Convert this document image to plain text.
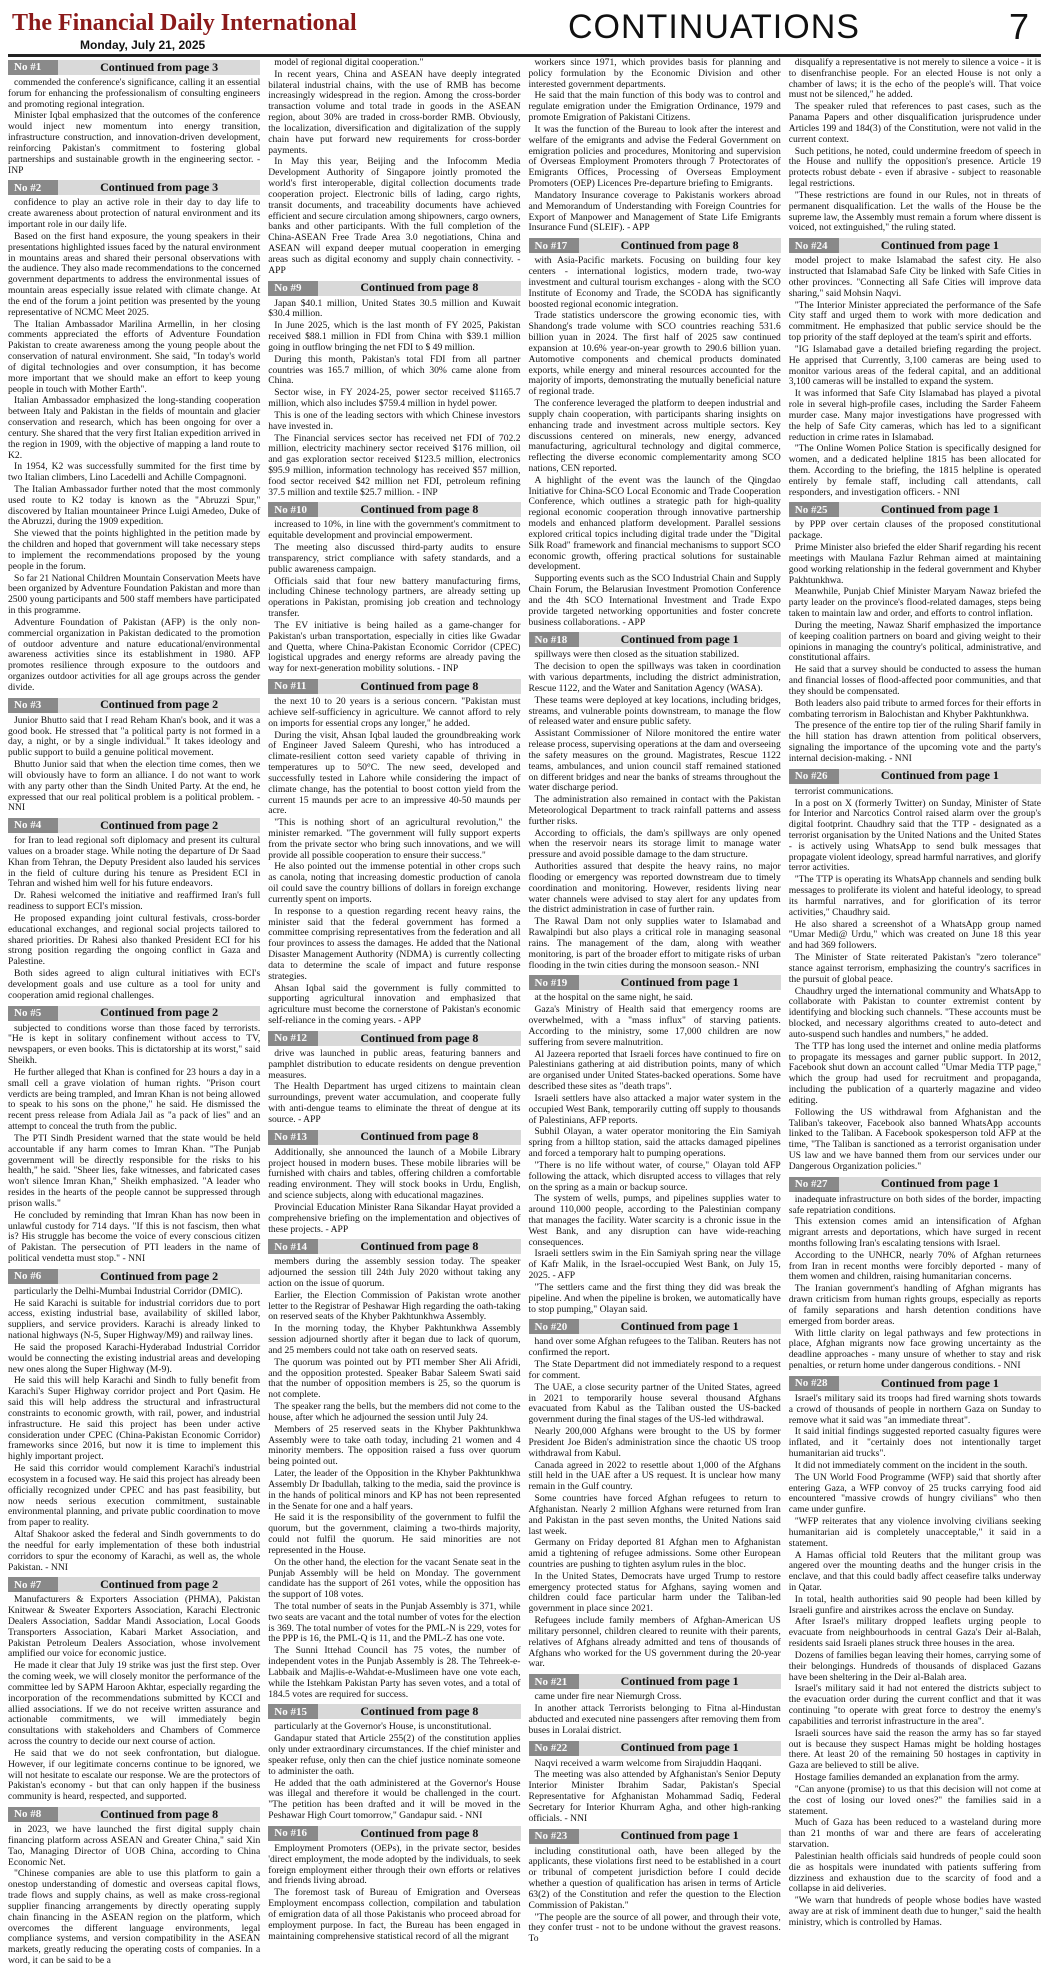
The Financial Daily International
Monday, July 21, 2025	CONTINUATIONS	7
No #1	Continued from page 3

commended the conference's significance, calling it an essential forum for enhancing the professionalism of consulting engineers and promoting regional integration.

Minister Iqbal emphasized that the outcomes of the conference would inject new momentum into energy transition, infrastructure construction, and innovation-driven development, reinforcing Pakistan's commitment to fostering global partnerships and sustainable growth in the engineering sector. - INP

No #2	Continued from page 3

confidence to play an active role in their day to day life to create awareness about protection of natural environment and its important role in our daily life.

Based on the first hand exposure, the young speakers in their presentations highlighted issues faced by the natural environment in mountains areas and shared their personal observations with the audience. They also made recommendations to the concerned government departments to address the environmental issues of mountain areas especially issue related with climate change. At the end of the forum a joint petition was presented by the young representative of NCMC Meet 2025.

The Italian Ambassador Marilina Armellin, in her closing comments appreciated the efforts of Adventure Foundation Pakistan to create awareness among the young people about the conservation of natural environment. She said, "In today's world of digital technologies and over consumption, it has become more important that we should make an effort to keep young people in touch with Mother Earth".

Italian Ambassador emphasized the long-standing cooperation between Italy and Pakistan in the fields of mountain and glacier conservation and research, which has been ongoing for over a century. She shared that the very first Italian expedition arrived in the region in 1909, with the objective of mapping a land route to K2.

In 1954, K2 was successfully summited for the first time by two Italian climbers, Lino Lacedelli and Achille Compagnoni.

The Italian Ambassador further noted that the most commonly used route to K2 today is known as the "Abruzzi Spur," discovered by Italian mountaineer Prince Luigi Amedeo, Duke of the Abruzzi, during the 1909 expedition.

She viewed that the points highlighted in the petition made by the children and hoped that government will take necessary steps to implement the recommendations proposed by the young people in the forum.

So far 21 National Children Mountain Conservation Meets have been organized by Adventure Foundation Pakistan and more than 2500 young participants and 500 staff members have participated in this programme.

Adventure Foundation of Pakistan (AFP) is the only non-commercial organization in Pakistan dedicated to the promotion of outdoor adventure and nature educational/environmental awareness activities since its establishment in 1980. AFP promotes resilience through exposure to the outdoors and organizes outdoor activities for all age groups across the gender divide.

No #3	Continued from page 2

Junior Bhutto said that I read Reham Khan's book, and it was a good book. He stressed that "a political party is not formed in a day, a night, or by a single individual." It takes ideology and public support to build a genuine political movement.

Bhutto Junior said that when the election time comes, then we will obviously have to form an alliance. I do not want to work with any party other than the Sindh United Party. At the end, he expressed that our real political problem is a political problem. - NNI

No #4	Continued from page 2

for Iran to lead regional soft diplomacy and present its cultural values on a broader stage. While noting the departure of Dr Saad Khan from Tehran, the Deputy President also lauded his services in the field of culture during his tenure as President ECI in Tehran and wished him well for his future endeavors.

Dr. Rahesi welcomed the initiative and reaffirmed Iran's full readiness to support ECI's mission.

He proposed expanding joint cultural festivals, cross-border educational exchanges, and regional social projects tailored to shared priorities. Dr Rahesi also thanked President ECI for his strong position regarding the ongoing conflict in Gaza and Palestine.

Both sides agreed to align cultural initiatives with ECI's development goals and use culture as a tool for unity and cooperation amid regional challenges.

No #5	Continued from page 2

subjected to conditions worse than those faced by terrorists. "He is kept in solitary confinement without access to TV, newspapers, or even books. This is dictatorship at its worst," said Sheikh.

He further alleged that Khan is confined for 23 hours a day in a small cell a grave violation of human rights. "Prison court verdicts are being trampled, and Imran Khan is not being allowed to speak to his sons on the phone," he said. He dismissed the recent press release from Adiala Jail as "a pack of lies" and an attempt to conceal the truth from the public.

The PTI Sindh President warned that the state would be held accountable if any harm comes to Imran Khan. "The Punjab government will be directly responsible for the risks to his health," he said. "Sheer lies, fake witnesses, and fabricated cases won't silence Imran Khan," Sheikh emphasized. "A leader who resides in the hearts of the people cannot be suppressed through prison walls."

He concluded by reminding that Imran Khan has now been in unlawful custody for 714 days. "If this is not fascism, then what is? His struggle has become the voice of every conscious citizen of Pakistan. The persecution of PTI leaders in the name of political vendetta must stop." - NNI

No #6	Continued from page 2

particularly the Delhi-Mumbai Industrial Corridor (DMIC).

He said Karachi is suitable for industrial corridors due to port access, existing industrial base, availability of skilled labor, suppliers, and service providers. Karachi is already linked to national highways (N-5, Super Highway/M9) and railway lines.

He said the proposed Karachi-Hyderabad Industrial Corridor would be connecting the existing industrial areas and developing new ones along the Super Highway (M-9).

He said this will help Karachi and Sindh to fully benefit from Karachi's Super Highway corridor project and Port Qasim. He said this will help address the structural and infrastructural constraints to economic growth, with rail, power, and industrial infrastructure. He said this project has been under active consideration under CPEC (China-Pakistan Economic Corridor) frameworks since 2016, but now it is time to implement this highly important project.

He said this corridor would complement Karachi's industrial ecosystem in a focused way. He said this project has already been officially recognized under CPEC and has past feasibility, but now needs serious execution commitment, sustainable environmental planning, and private public coordination to move from paper to reality.

Altaf Shakoor asked the federal and Sindh governments to do the needful for early implementation of these both industrial corridors to spur the economy of Karachi, as well as, the whole Pakistan. - NNI

No #7	Continued from page 2

Manufacturers & Exporters Association (PHMA), Pakistan Knitwear & Sweater Exporters Association, Karachi Electronic Dealers Association, Saddar Mandi Association, Local Goods Transporters Association, Kabari Market Association, and Pakistan Petroleum Dealers Association, whose involvement amplified our voice for economic justice.

He made it clear that July 19 strike was just the first step. Over the coming week, we will closely monitor the performance of the committee led by SAPM Haroon Akhtar, especially regarding the incorporation of the recommendations submitted by KCCI and allied associations. If we do not receive written assurance and actionable commitments, we will immediately begin consultations with stakeholders and Chambers of Commerce across the country to decide our next course of action.

He said that we do not seek confrontation, but dialogue. However, if our legitimate concerns continue to be ignored, we will not hesitate to escalate our response. We are the protectors of Pakistan's economy - but that can only happen if the business community is heard, respected, and supported.

No #8	Continued from page 8

in 2023, we have launched the first digital supply chain financing platform across ASEAN and Greater China," said Xin Tao, Managing Director of UOB China, according to China Economic Net.

"Chinese companies are able to use this platform to gain a onestop understanding of domestic and overseas capital flows, trade flows and supply chains, as well as make cross-regional supplier financing arrangements by directly operating supply chain financing in the ASEAN region on the platform, which overcomes the different language environments, legal compliance systems, and version compatibility in the ASEAN markets, greatly reducing the operating costs of companies. In a word, it can be said to be a

model of regional digital cooperation."

In recent years, China and ASEAN have deeply integrated bilateral industrial chains, with the use of RMB has become increasingly widespread in the region. Among the cross-border transaction volume and total trade in goods in the ASEAN region, about 30% are traded in cross-border RMB. Obviously, the localization, diversification and digitalization of the supply chain have put forward new requirements for cross-border payments.

In May this year, Beijing and the Infocomm Media Development Authority of Singapore jointly promoted the world's first interoperable, digital collection documents trade cooperation project. Electronic bills of lading, cargo rights, transit documents, and traceability documents have achieved efficient and secure circulation among shipowners, cargo owners, banks and other participants. With the full completion of the China-ASEAN Free Trade Area 3.0 negotiations, China and ASEAN will expand deeper mutual cooperation in emerging areas such as digital economy and supply chain connectivity. - APP

No #9	Continued from page 8

Japan $40.1 million, United States 30.5 million and Kuwait $30.4 million.

In June 2025, which is the last month of FY 2025, Pakistan received $88.1 million in FDI from China with $39.1 million going in outflow bringing the net FDI to $ 49 million.

During this month, Pakistan's total FDI from all partner countries was 165.7 million, of which 30% came alone from China.

Sector wise, in FY 2024-25, power sector received $1165.7 million, which also includes $759.4 million in hydel power.

This is one of the leading sectors with which Chinese investors have invested in.

The Financial services sector has received net FDI of 702.2 million, electricity machinery sector received $176 million, oil and gas exploration sector received $123.5 million, electronics $95.9 million, information technology has received $57 million, food sector received $42 million net FDI, petroleum refining 37.5 million and textile $25.7 million. - INP

No #10	Continued from page 8

increased to 10%, in line with the government's commitment to equitable development and provincial empowerment.

The meeting also discussed third-party audits to ensure transparency, strict compliance with safety standards, and a public awareness campaign.

Officials said that four new battery manufacturing firms, including Chinese technology partners, are already setting up operations in Pakistan, promising job creation and technology transfer.

The EV initiative is being hailed as a game-changer for Pakistan's urban transportation, especially in cities like Gwadar and Quetta, where China-Pakistan Economic Corridor (CPEC) logistical upgrades and energy reforms are already paving the way for next-generation mobility solutions. - INP

No #11	Continued from page 8

the next 10 to 20 years is a serious concern. "Pakistan must achieve self-sufficiency in agriculture. We cannot afford to rely on imports for essential crops any longer," he added.

During the visit, Ahsan Iqbal lauded the groundbreaking work of Engineer Javed Saleem Qureshi, who has introduced a climate-resilient cotton seed variety capable of thriving in temperatures up to 50°C. The new seed, developed and successfully tested in Lahore while considering the impact of climate change, has the potential to boost cotton yield from the current 15 maunds per acre to an impressive 40-50 maunds per acre.

"This is nothing short of an agricultural revolution," the minister remarked. "The government will fully support experts from the private sector who bring such innovations, and we will provide all possible cooperation to ensure their success."

He also pointed out the immense potential in other crops such as canola, noting that increasing domestic production of canola oil could save the country billions of dollars in foreign exchange currently spent on imports.

In response to a question regarding recent heavy rains, the minister said that the federal government has formed a committee comprising representatives from the federation and all four provinces to assess the damages. He added that the National Disaster Management Authority (NDMA) is currently collecting data to determine the scale of impact and future response strategies.

Ahsan Iqbal said the government is fully committed to supporting agricultural innovation and emphasized that agriculture must become the cornerstone of Pakistan's economic self-reliance in the coming years. - APP

No #12	Continued from page 8

drive was launched in public areas, featuring banners and pamphlet distribution to educate residents on dengue prevention measures.

The Health Department has urged citizens to maintain clean surroundings, prevent water accumulation, and cooperate fully with anti-dengue teams to eliminate the threat of dengue at its source. - APP

No #13	Continued from page 8

Additionally, she announced the launch of a Mobile Library project housed in modern buses. These mobile libraries will be furnished with chairs and tables, offering children a comfortable reading environment. They will stock books in Urdu, English, and science subjects, along with educational magazines.

Provincial Education Minister Rana Sikandar Hayat provided a comprehensive briefing on the implementation and objectives of these projects. - APP

No #14	Continued from page 8

members during the assembly session today. The speaker adjourned the session till 24th July 2020 without taking any action on the issue of quorum.

Earlier, the Election Commission of Pakistan wrote another letter to the Registrar of Peshawar High regarding the oath-taking on reserved seats of the Khyber Pakhtunkhwa Assembly.

In the morning today, the Khyber Pakhtunkhwa Assembly session adjourned shortly after it began due to lack of quorum, and 25 members could not take oath on reserved seats.

The quorum was pointed out by PTI member Sher Ali Afridi, and the opposition protested. Speaker Babar Saleem Swati said that the number of opposition members is 25, so the quorum is not complete.

The speaker rang the bells, but the members did not come to the house, after which he adjourned the session until July 24.

Members of 25 reserved seats in the Khyber Pakhtunkhwa Assembly were to take oath today, including 21 women and 4 minority members. The opposition raised a fuss over quorum being pointed out.

Later, the leader of the Opposition in the Khyber Pakhtunkhwa Assembly Dr Ibadullah, talking to the media, said the province is in the hands of political minors and KP has not been represented in the Senate for one and a half years.

He said it is the responsibility of the government to fulfil the quorum, but the government, claiming a two-thirds majority, could not fulfil the quorum. He said minorities are not represented in the House.

On the other hand, the election for the vacant Senate seat in the Punjab Assembly will be held on Monday. The government candidate has the support of 261 votes, while the opposition has the support of 108 votes.

The total number of seats in the Punjab Assembly is 371, while two seats are vacant and the total number of votes for the election is 369. The total number of votes for the PML-N is 229, votes for the PPP is 16, the PML-Q is 11, and the PML-Z has one vote.

The Sunni Ittehad Council has 75 votes, the number of independent votes in the Punjab Assembly is 28. The Tehreek-e-Labbaik and Majlis-e-Wahdat-e-Muslimeen have one vote each, while the Istehkam Pakistan Party has seven votes, and a total of 184.5 votes are required for success.

No #15	Continued from page 8

particularly at the Governor's House, is unconstitutional.

Gandapur stated that Article 255(2) of the constitution applies only under extraordinary circumstances. If the chief minister and speaker refuse, only then can the chief justice nominate someone to administer the oath.

He added that the oath administered at the Governor's House was illegal and therefore it would be challenged in the court. "The petition has been drafted and it will be moved in the Peshawar High Court tomorrow," Gandapur said. - NNI

No #16	Continued from page 8

Employment Promoters (OEPs), in the private sector, besides 'direct employment, the mode adopted by the individuals, to seek foreign employment either through their own efforts or relatives and friends living abroad.

The foremost task of Bureau of Emigration and Overseas Employment encompass collection, compilation and tabulation of emigration data of all those Pakistanis who proceed abroad for employment purpose. In fact, the Bureau has been engaged in maintaining comprehensive statistical record of all the migrant

workers since 1971, which provides basis for planning and policy formulation by the Economic Division and other interested government departments.

He said that the main function of this body was to control and regulate emigration under the Emigration Ordinance, 1979 and promote Emigration of Pakistani Citizens.

It was the function of the Bureau to look after the interest and welfare of the emigrants and advise the Federal Government on emigration policies and procedures, Monitoring and supervision of Overseas Employment Promoters through 7 Protectorates of Emigrants Offices, Processing of Overseas Employment Promoters (OEP) Licences Pre-departure briefing to Emigrants.

Mandatory Insurance coverage to Pakistanis workers abroad and Memorandum of Understanding with Foreign Countries for Export of Manpower and Management of State Life Emigrants Insurance Fund (SLEIF). - APP

No #17	Continued from page 8

with Asia-Pacific markets. Focusing on building four key centers - international logistics, modern trade, two-way investment and cultural tourism exchanges - along with the SCO Institute of Economy and Trade, the SCODA has significantly boosted regional economic integration.

Trade statistics underscore the growing economic ties, with Shandong's trade volume with SCO countries reaching 531.6 billion yuan in 2024. The first half of 2025 saw continued expansion at 10.6% year-on-year growth to 290.6 billion yuan. Automotive components and chemical products dominated exports, while energy and mineral resources accounted for the majority of imports, demonstrating the mutually beneficial nature of regional trade.

The conference leveraged the platform to deepen industrial and supply chain cooperation, with participants sharing insights on enhancing trade and investment across multiple sectors. Key discussions centered on minerals, new energy, advanced manufacturing, agricultural technology and digital commerce, reflecting the diverse economic complementarity among SCO nations, CEN reported.

A highlight of the event was the launch of the Qingdao Initiative for China-SCO Local Economic and Trade Cooperation Conference, which outlines a strategic path for high-quality regional economic cooperation through innovative partnership models and enhanced platform development. Parallel sessions explored critical topics including digital trade under the "Digital Silk Road" framework and financial mechanisms to support SCO economic growth, offering practical solutions for sustainable development.

Supporting events such as the SCO Industrial Chain and Supply Chain Forum, the Belarusian Investment Promotion Conference and the 4th SCO International Investment and Trade Expo provide targeted networking opportunities and foster concrete business collaborations. - APP

No #18	Continued from page 1

spillways were then closed as the situation stabilized.

The decision to open the spillways was taken in coordination with various departments, including the district administration, Rescue 1122, and the Water and Sanitation Agency (WASA).

These teams were deployed at key locations, including bridges, streams, and vulnerable points downstream, to manage the flow of released water and ensure public safety.

Assistant Commissioner of Nilore monitored the entire water release process, supervising operations at the dam and overseeing the safety measures on the ground. Magistrates, Rescue 1122 teams, ambulances, and union council staff remained stationed on different bridges and near the banks of streams throughout the water discharge period.

The administration also remained in contact with the Pakistan Meteorological Department to track rainfall patterns and assess further risks.

According to officials, the dam's spillways are only opened when the reservoir nears its storage limit to manage water pressure and avoid possible damage to the dam structure.

Authorities assured that despite the heavy rains, no major flooding or emergency was reported downstream due to timely coordination and monitoring. However, residents living near water channels were advised to stay alert for any updates from the district administration in case of further rain.

The Rawal Dam not only supplies water to Islamabad and Rawalpindi but also plays a critical role in managing seasonal rains. The management of the dam, along with weather monitoring, is part of the broader effort to mitigate risks of urban flooding in the twin cities during the monsoon season.- NNI

No #19	Continued from page 1

at the hospital on the same night, he said.

Gaza's Ministry of Health said that emergency rooms are overwhelmed, with a "mass influx" of starving patients. According to the ministry, some 17,000 children are now suffering from severe malnutrition.

Al Jazeera reported that Israeli forces have continued to fire on Palestinians gathering at aid distribution points, many of which are organised under United States-backed operations. Some have described these sites as "death traps".

Israeli settlers have also attacked a major water system in the occupied West Bank, temporarily cutting off supply to thousands of Palestinians, AFP reports.

Subhil Olayan, a water operator monitoring the Ein Samiyah spring from a hilltop station, said the attacks damaged pipelines and forced a temporary halt to pumping operations.

"There is no life without water, of course," Olayan told AFP following the attack, which disrupted access to villages that rely on the spring as a main or backup source.

The system of wells, pumps, and pipelines supplies water to around 110,000 people, according to the Palestinian company that manages the facility. Water scarcity is a chronic issue in the West Bank, and any disruption can have wide-reaching consequences.

Israeli settlers swim in the Ein Samiyah spring near the village of Kafr Malik, in the Israel-occupied West Bank, on July 15, 2025. - AFP

"The settlers came and the first thing they did was break the pipeline. And when the pipeline is broken, we automatically have to stop pumping," Olayan said.

No #20	Continued from page 1

hand over some Afghan refugees to the Taliban. Reuters has not confirmed the report.

The State Department did not immediately respond to a request for comment.

The UAE, a close security partner of the United States, agreed in 2021 to temporarily house several thousand Afghans evacuated from Kabul as the Taliban ousted the US-backed government during the final stages of the US-led withdrawal.

Nearly 200,000 Afghans were brought to the US by former President Joe Biden's administration since the chaotic US troop withdrawal from Kabul.

Canada agreed in 2022 to resettle about 1,000 of the Afghans still held in the UAE after a US request. It is unclear how many remain in the Gulf country.

Some countries have forced Afghan refugees to return to Afghanistan. Nearly 2 million Afghans were returned from Iran and Pakistan in the past seven months, the United Nations said last week.

Germany on Friday deported 81 Afghan men to Afghanistan amid a tightening of refugee admissions. Some other European countries are pushing to tighten asylum rules in the bloc.

In the United States, Democrats have urged Trump to restore emergency protected status for Afghans, saying women and children could face particular harm under the Taliban-led government in place since 2021.

Refugees include family members of Afghan-American US military personnel, children cleared to reunite with their parents, relatives of Afghans already admitted and tens of thousands of Afghans who worked for the US government during the 20-year war.

No #21	Continued from page 1

came under fire near Niemurgh Cross.

In another attack Terrorists belonging to Fitna al-Hindustan abducted and executed nine passengers after removing them from buses in Loralai district.

No #22	Continued from page 1

Naqvi received a warm welcome from Sirajuddin Haqqani.

The meeting was also attended by Afghanistan's Senior Deputy Interior Minister Ibrahim Sadar, Pakistan's Special Representative for Afghanistan Mohammad Sadiq, Federal Secretary for Interior Khurram Agha, and other high-ranking officials. - NNI

No #23	Continued from page 1

including constitutional oath, have been alleged by the applicants, these violations first need to be established in a court or tribunal of competent jurisdiction before I could decide whether a question of qualification has arisen in terms of Article 63(2) of the Constitution and refer the question to the Election Commission of Pakistan."

"The people are the source of all power, and through their vote, they confer trust - not to be undone without the gravest reasons. To

disqualify a representative is not merely to silence a voice - it is to disenfranchise people. For an elected House is not only a chamber of laws; it is the echo of the people's will. That voice must not be silenced," he added.

The speaker ruled that references to past cases, such as the Panama Papers and other disqualification jurisprudence under Articles 199 and 184(3) of the Constitution, were not valid in the current context.

Such petitions, he noted, could undermine freedom of speech in the House and nullify the opposition's presence. Article 19 protects robust debate - even if abrasive - subject to reasonable legal restrictions.

"These restrictions are found in our Rules, not in threats of permanent disqualification. Let the walls of the House be the supreme law, the Assembly must remain a forum where dissent is voiced, not extinguished," the ruling stated.

No #24	Continued from page 1

model project to make Islamabad the safest city. He also instructed that Islamabad Safe City be linked with Safe Cities in other provinces. "Connecting all Safe Cities will improve data sharing," said Mohsin Naqvi.

"The Interior Minister appreciated the performance of the Safe City staff and urged them to work with more dedication and commitment. He emphasized that public service should be the top priority of the staff deployed at the team's spirit and efforts.

"IG Islamabad gave a detailed briefing regarding the project. He apprised that Currently, 3,100 cameras are being used to monitor various areas of the federal capital, and an additional 3,100 cameras will be installed to expand the system.

It was informed that Safe City Islamabad has played a pivotal role in several high-profile cases, including the Sarder Faheem murder case. Many major investigations have progressed with the help of Safe City cameras, which has led to a significant reduction in crime rates in Islamabad.

"The Online Women Police Station is specifically designed for women, and a dedicated helpline 1815 has been allocated for them. According to the briefing, the 1815 helpline is operated entirely by female staff, including call attendants, call responders, and investigation officers. - NNI

No #25	Continued from page 1

by PPP over certain clauses of the proposed constitutional package.

Prime Minister also briefed the elder Sharif regarding his recent meetings with Maulana Fazlur Rehman aimed at maintaining good working relationship in the federal government and Khyber Pakhtunkhwa.

Meanwhile, Punjab Chief Minister Maryam Nawaz briefed the party leader on the province's flood-related damages, steps being taken to maintain law and order, and efforts to control inflation.

During the meeting, Nawaz Sharif emphasized the importance of keeping coalition partners on board and giving weight to their opinions in managing the country's political, administrative, and constitutional affairs.

He said that a survey should be conducted to assess the human and financial losses of flood-affected poor communities, and that they should be compensated.

Both leaders also paid tribute to armed forces for their efforts in combating terrorism in Balochistan and Khyber Pakhtunkhwa.

The presence of the entire top tier of the ruling Sharif family in the hill station has drawn attention from political observers, signaling the importance of the upcoming vote and the party's internal decision-making. - NNI

No #26	Continued from page 1

terrorist communications.

In a post on X (formerly Twitter) on Sunday, Minister of State for Interior and Narcotics Control raised alarm over the group's digital footprint. Chaudhry said that the TTP - designated as a terrorist organisation by the United Nations and the United States - is actively using WhatsApp to send bulk messages that propagate violent ideology, spread harmful narratives, and glorify terror activities.

"The TTP is operating its WhatsApp channels and sending bulk messages to proliferate its violent and hateful ideology, to spread its harmful narratives, and for glorification of its terror activities," Chaudhry said.

He also shared a screenshot of a WhatsApp group named "Umar Medi@ Urdu," which was created on June 18 this year and had 369 followers.

The Minister of State reiterated Pakistan's "zero tolerance" stance against terrorism, emphasizing the country's sacrifices in the pursuit of global peace.

Chaudhry urged the international community and WhatsApp to collaborate with Pakistan to counter extremist content by identifying and blocking such channels. "These accounts must be blocked, and necessary algorithms created to auto-detect and auto-suspend such handles and numbers," he added.

The TTP has long used the internet and online media platforms to propagate its messages and garner public support. In 2012, Facebook shut down an account called "Umar Media TTP page," which the group had used for recruitment and propaganda, including the publication of a quarterly magazine and video editing.

Following the US withdrawal from Afghanistan and the Taliban's takeover, Facebook also banned WhatsApp accounts linked to the Taliban. A Facebook spokesperson told AFP at the time, "The Taliban is sanctioned as a terrorist organisation under US law and we have banned them from our services under our Dangerous Organization policies."

No #27	Continued from page 1

inadequate infrastructure on both sides of the border, impacting safe repatriation conditions.

This extension comes amid an intensification of Afghan migrant arrests and deportations, which have surged in recent months following Iran's escalating tensions with Israel.

According to the UNHCR, nearly 70% of Afghan returnees from Iran in recent months were forcibly deported - many of them women and children, raising humanitarian concerns.

The Iranian government's handling of Afghan migrants has drawn criticism from human rights groups, especially as reports of family separations and harsh detention conditions have emerged from border areas.

With little clarity on legal pathways and few protections in place, Afghan migrants now face growing uncertainty as the deadline approaches - many unsure of whether to stay and risk penalties, or return home under dangerous conditions. - NNI

No #28	Continued from page 1

Israel's military said its troops had fired warning shots towards a crowd of thousands of people in northern Gaza on Sunday to remove what it said was "an immediate threat".

It said initial findings suggested reported casualty figures were inflated, and it "certainly does not intentionally target humanitarian aid trucks".

It did not immediately comment on the incident in the south.

The UN World Food Programme (WFP) said that shortly after entering Gaza, a WFP convoy of 25 trucks carrying food aid encountered "massive crowds of hungry civilians" who then came under gunfire.

"WFP reiterates that any violence involving civilians seeking humanitarian aid is completely unacceptable," it said in a statement.

A Hamas official told Reuters that the militant group was angered over the mounting deaths and the hunger crisis in the enclave, and that this could badly affect ceasefire talks underway in Qatar.

In total, health authorities said 90 people had been killed by Israeli gunfire and airstrikes across the enclave on Sunday.

After Israel's military dropped leaflets urging people to evacuate from neighbourhoods in central Gaza's Deir al-Balah, residents said Israeli planes struck three houses in the area.

Dozens of families began leaving their homes, carrying some of their belongings. Hundreds of thousands of displaced Gazans have been sheltering in the Deir al-Balah area.

Israel's military said it had not entered the districts subject to the evacuation order during the current conflict and that it was continuing "to operate with great force to destroy the enemy's capabilities and terrorist infrastructure in the area".

Israeli sources have said the reason the army has so far stayed out is because they suspect Hamas might be holding hostages there. At least 20 of the remaining 50 hostages in captivity in Gaza are believed to still be alive.

Hostage families demanded an explanation from the army.

"Can anyone (promise) to us that this decision will not come at the cost of losing our loved ones?" the families said in a statement.

Much of Gaza has been reduced to a wasteland during more than 21 months of war and there are fears of accelerating starvation.

Palestinian health officials said hundreds of people could soon die as hospitals were inundated with patients suffering from dizziness and exhaustion due to the scarcity of food and a collapse in aid deliveries.

"We warn that hundreds of people whose bodies have wasted away are at risk of imminent death due to hunger," said the health ministry, which is controlled by Hamas.
